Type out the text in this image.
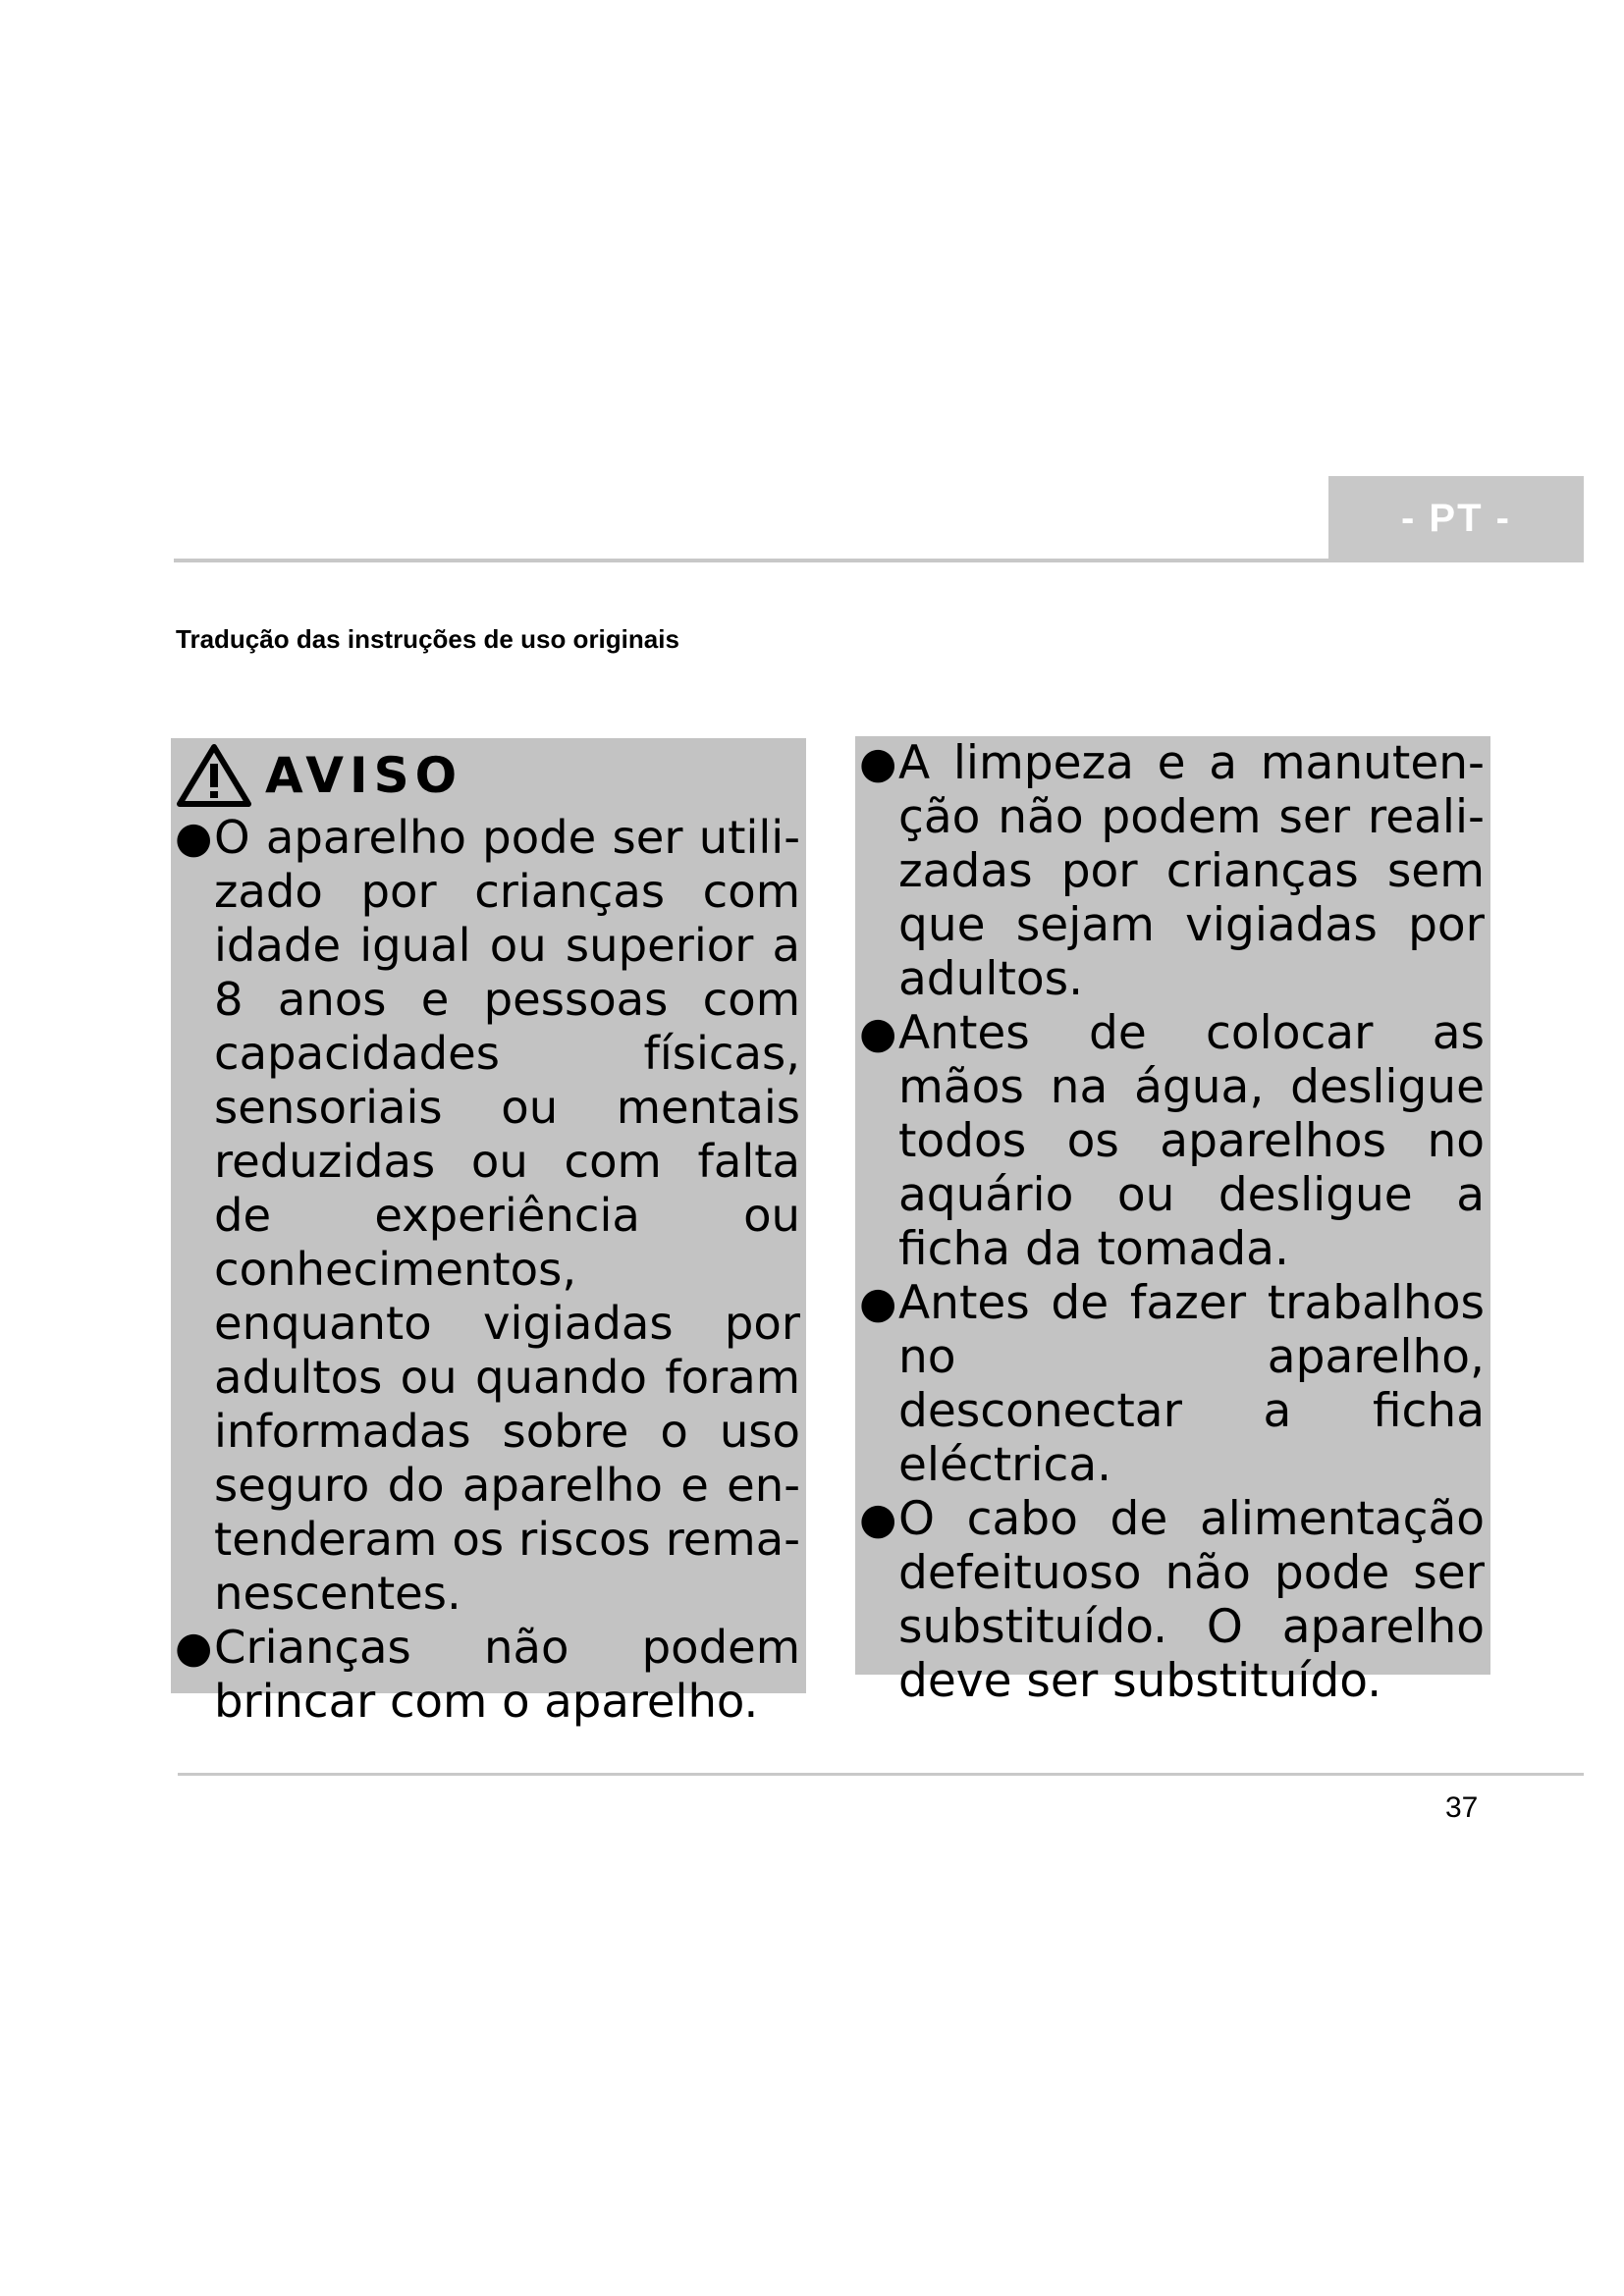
- PT -
Tradução das instruções de uso originais
AVISO
● O aparelho pode ser utilizado por crianças com idade igual ou superior a 8 anos e pessoas com capacidades físicas, sensoriais ou mentais reduzidas ou com falta de experiência ou conhecimentos, enquanto vigiadas por adultos ou quando foram informadas sobre o uso seguro do aparelho e entenderam os riscos remanescentes.
● Crianças não podem brincar com o aparelho.
● A limpeza e a manutenção não podem ser realizadas por crianças sem que sejam vigiadas por adultos.
● Antes de colocar as mãos na água, desligue todos os aparelhos no aquário ou desligue a ficha da tomada.
● Antes de fazer trabalhos no aparelho, desconectar a ficha eléctrica.
● O cabo de alimentação defeituoso não pode ser substituído. O aparelho deve ser substituído.
37
